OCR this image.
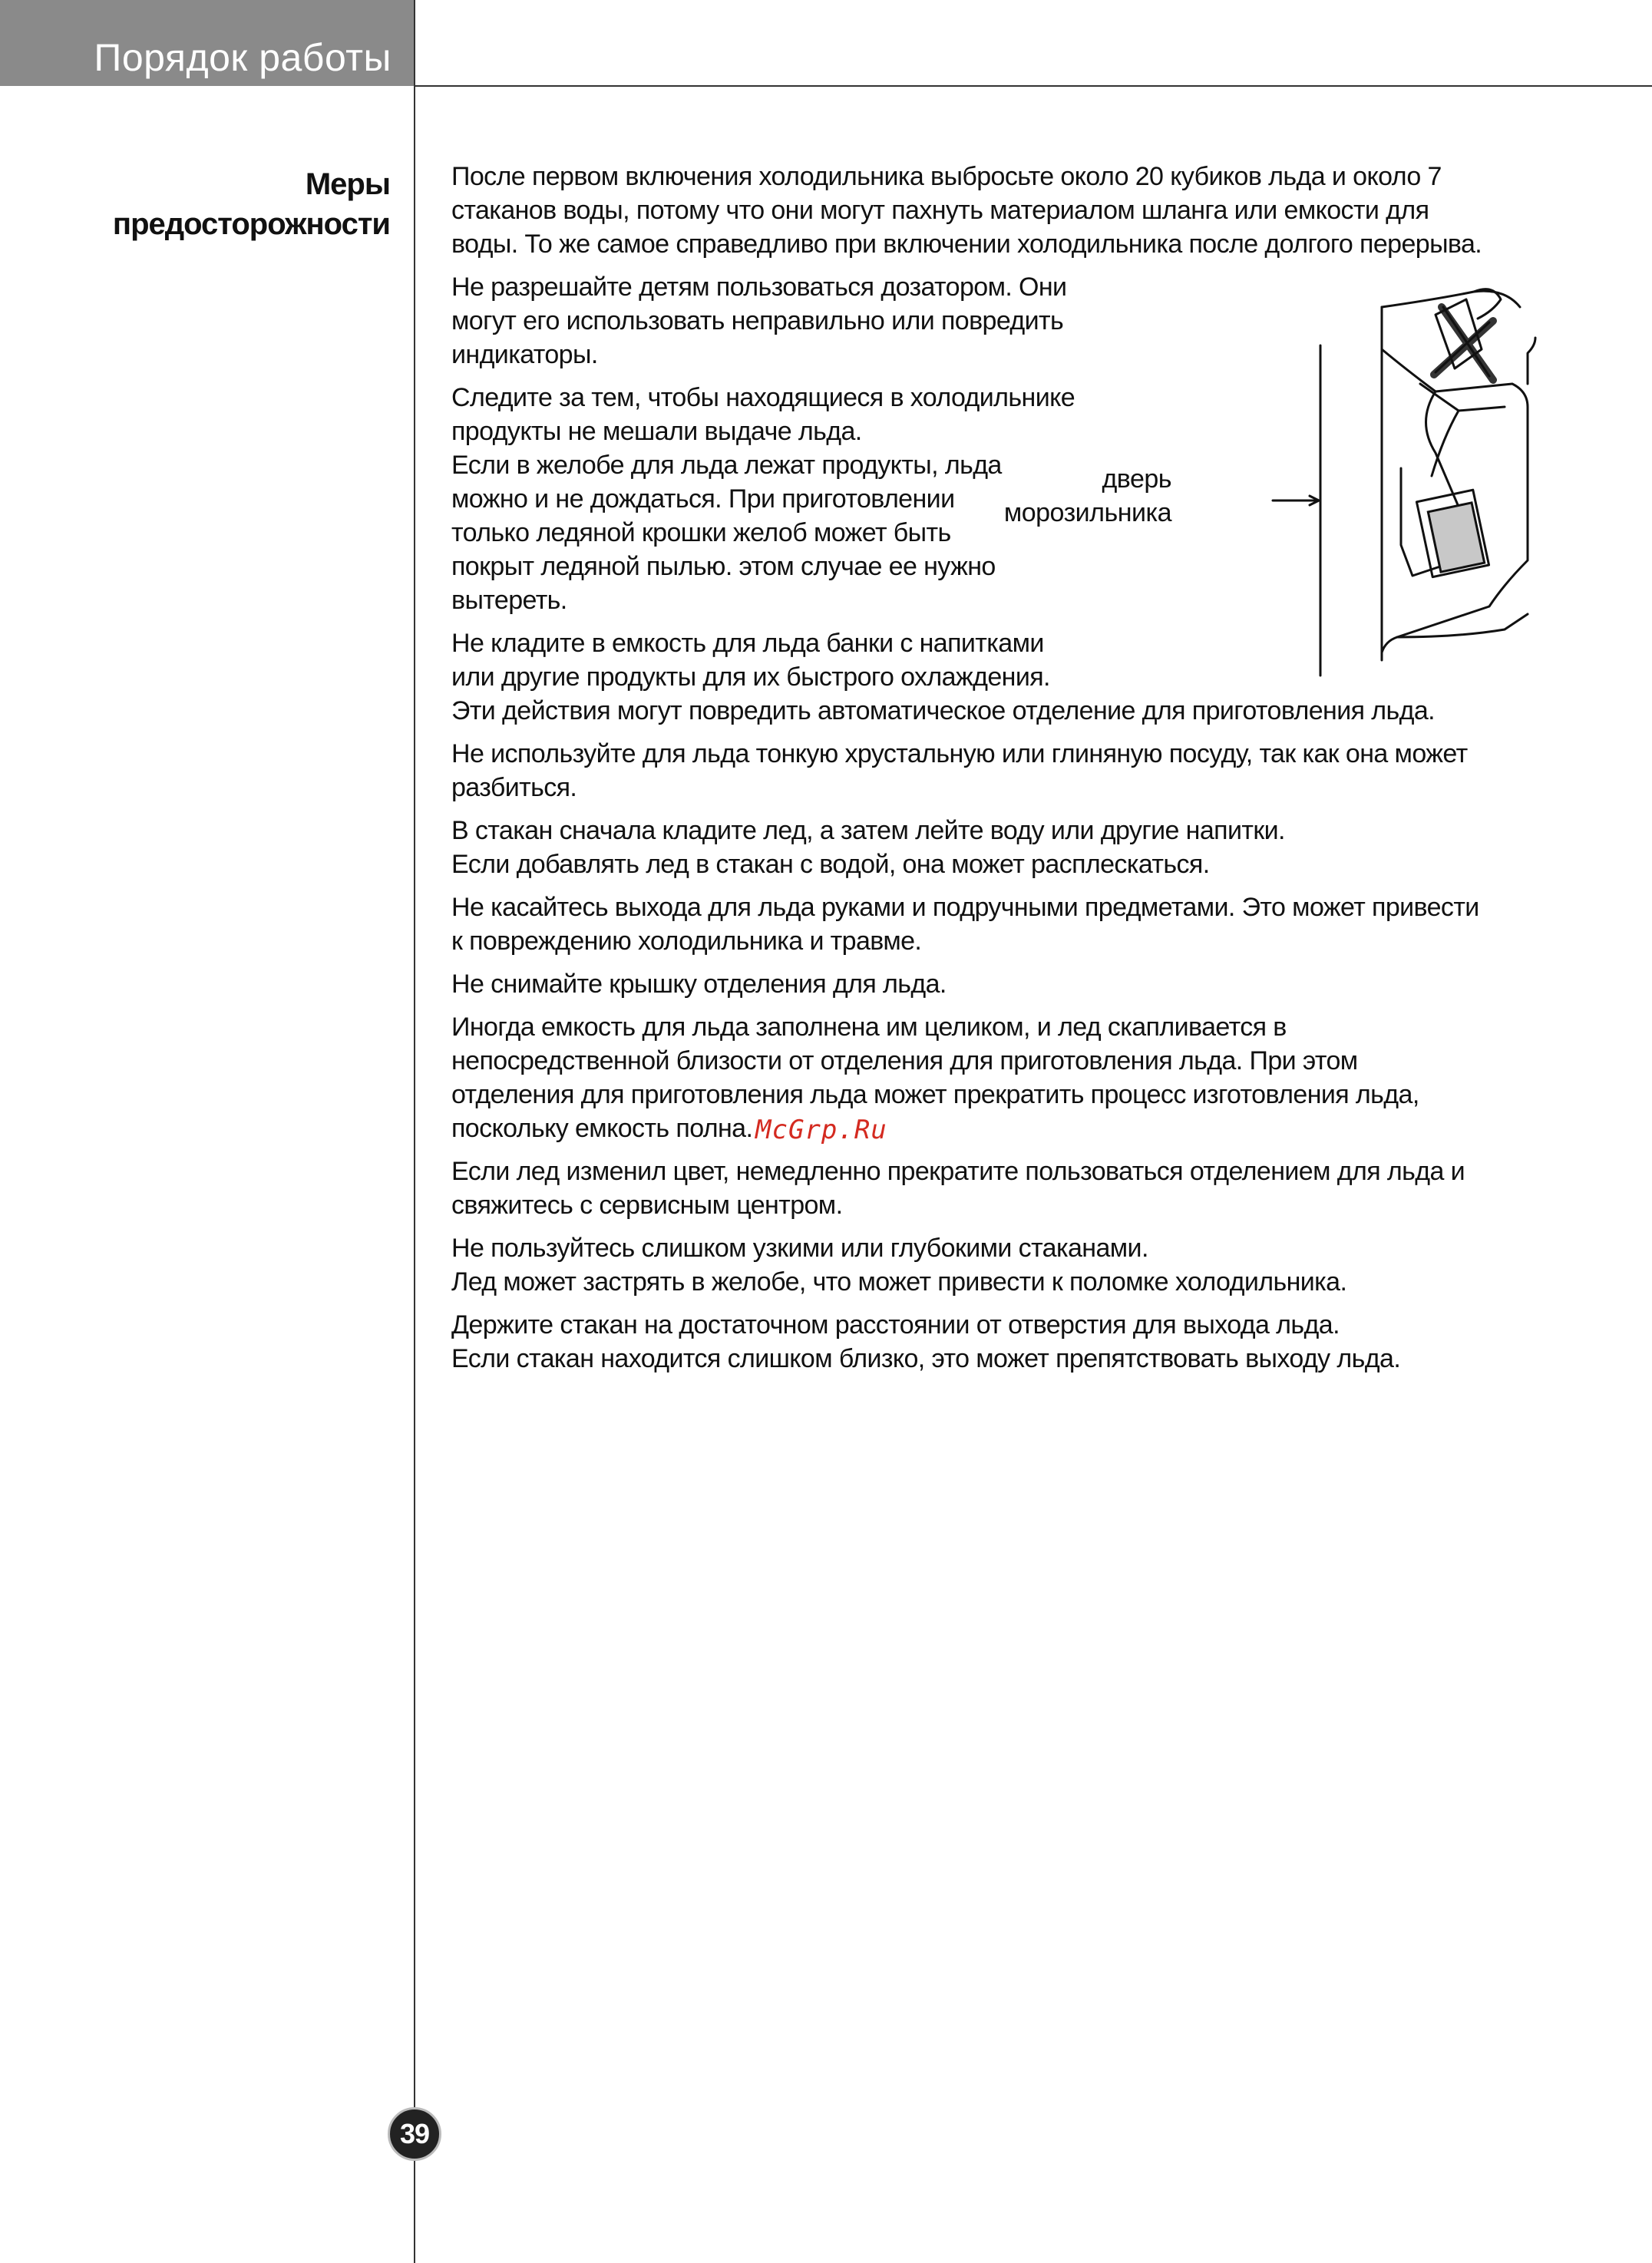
Порядок работы
Меры
предосторожности

После первом включения холодильника выбросьте около 20 кубиков льда и около 7
стаканов воды, потому что они могут пахнуть материалом шланга или емкости для
воды. То же самое справедливо при включении холодильника после долгого перерыва.

Не разрешайте детям пользоваться дозатором. Они
могут его использовать неправильно или повредить
индикаторы.

Следите за тем, чтобы находящиеся в холодильнике
продукты не мешали выдаче льда.
Если в желобе для льда лежат продукты, льда
можно и не дождаться. При приготовлении
только ледяной крошки желоб может быть
покрыт ледяной пылью. этом случае ее нужно
вытереть.

Не кладите в емкость для льда банки с напитками
или другие продукты для их быстрого охлаждения.
Эти действия могут повредить автоматическое отделение для приготовления льда.

Не используйте для льда тонкую хрустальную или глиняную посуду, так как она может
разбиться.

В стакан сначала кладите лед, а затем лейте воду или другие напитки.
Если добавлять лед в стакан с водой, она может расплескаться.

Не касайтесь выхода для льда руками и подручными предметами. Это может привести
к повреждению холодильника и травме.

Не снимайте крышку отделения для льда.

Иногда емкость для льда заполнена им целиком, и лед скапливается в
непосредственной близости от отделения для приготовления льда. При этом
отделения для приготовления льда может прекратить процесс изготовления льда,
поскольку емкость полна.

Если лед изменил цвет, немедленно прекратите пользоваться отделением для льда и
свяжитесь с сервисным центром.

Не пользуйтесь слишком узкими или глубокими стаканами.
Лед может застрять в желобе, что может привести к поломке холодильника.

Держите стакан на достаточном расстоянии от отверстия для выхода льда.
Если стакан находится слишком близко, это может препятствовать выходу льда.

дверь
морозильника
McGrp.Ru
39
